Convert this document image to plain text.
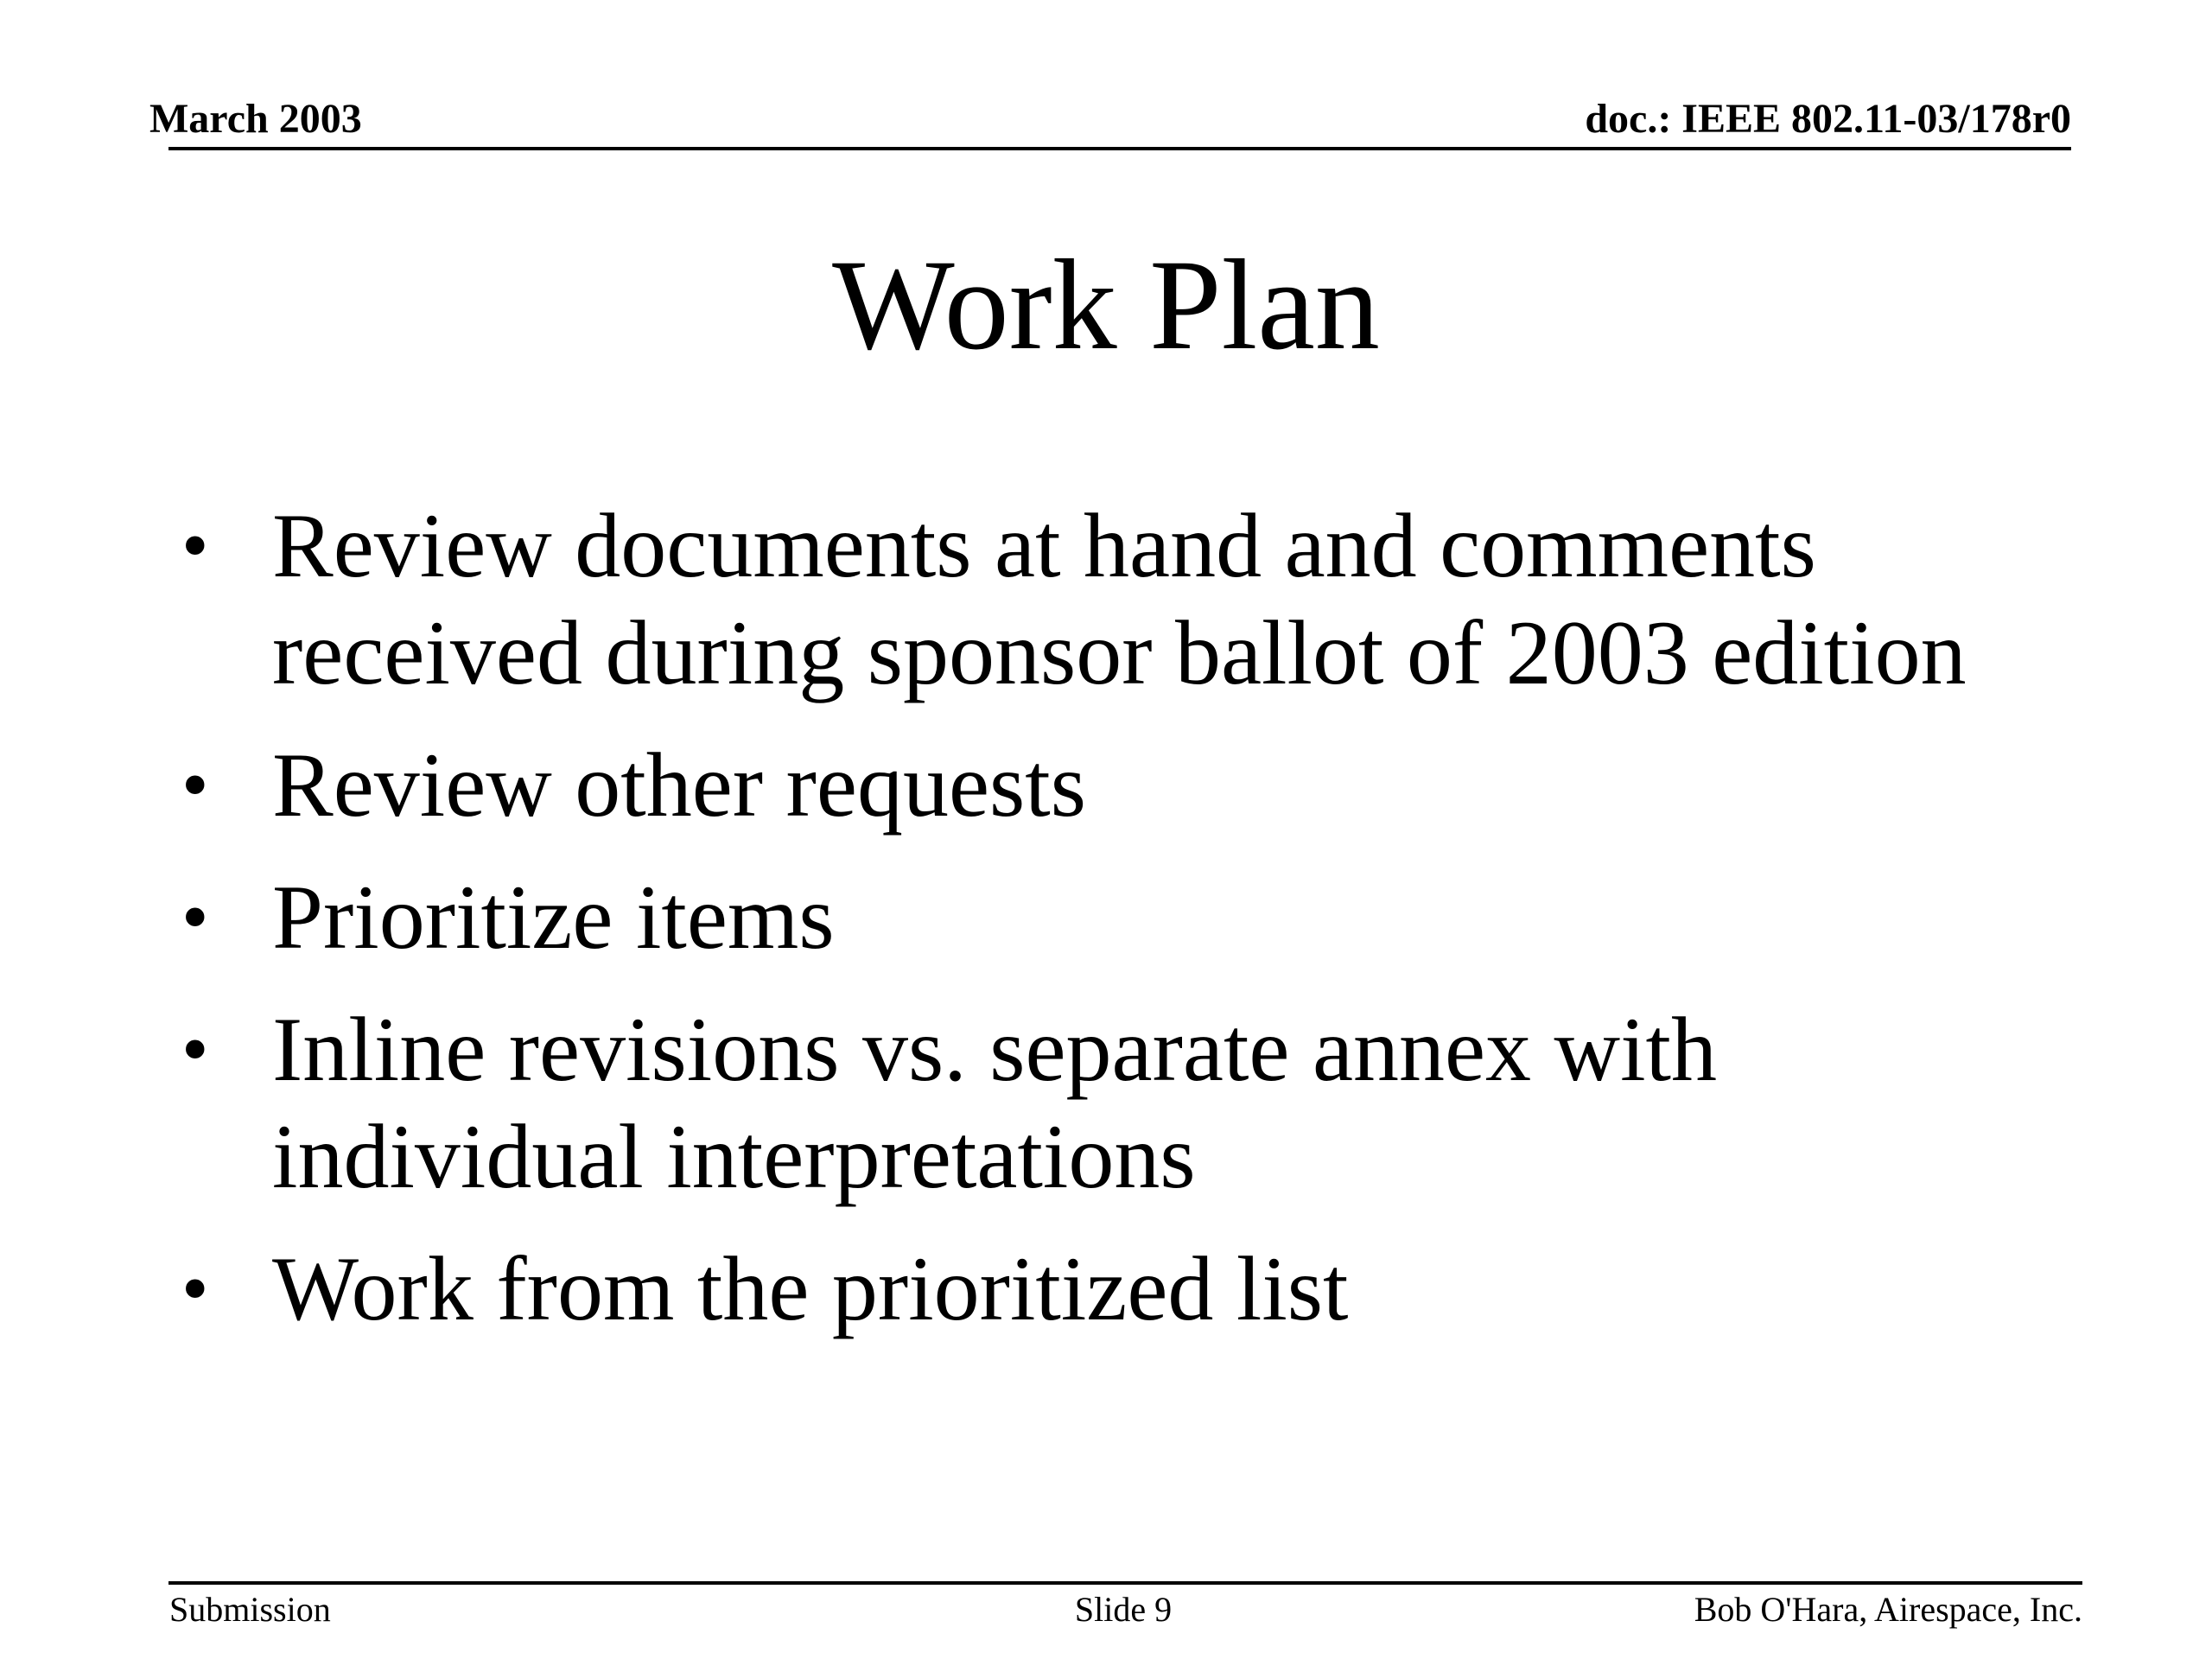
March 2003	doc.: IEEE 802.11-03/178r0
Work Plan
• Review documents at hand and comments received during sponsor ballot of 2003 edition
• Review other requests
• Prioritize items
• Inline revisions vs. separate annex with individual interpretations
• Work from the prioritized list
Submission	Slide 9	Bob O'Hara, Airespace, Inc.
